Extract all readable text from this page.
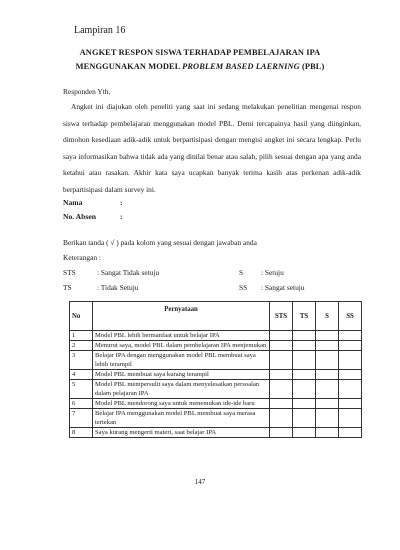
Lampiran 16
ANGKET RESPON SISWA TERHADAP PEMBELAJARAN IPA
MENGGUNAKAN MODEL PROBLEM BASED LAERNING (PBL)
Responden Yth,
Angket ini diajukan oleh peneliti yang saat ini sedang melakukan penelitian mengenai respon siswa terhadap pembelajaran menggunakan model PBL. Demi tercapainya hasil yang diinginkan, dimohon kesediaan adik-adik untuk berpartisipasi dengan mengisi angket ini secara lengkap. Perlu saya informasikan bahwa tidak ada yang dinilai benar atau salah, pilih sesuai dengan apa yang anda ketahui atau rasakan. Akhir kata saya ucapkan banyak terima kasih atas perkenan adik-adik berpartisipasi dalam survey ini.
Nama	:
No. Absen	:
Berikan tanda ( √ ) pada kolom yang sesuai dengan jawaban anda
Keterangan :
STS	: Sangat Tidak setuju	S : Setuju
TS	: Tidak Setuju	SS : Sangat setuju
No	Pernyataan	STS	TS	S	SS
1	Model PBL lebih bermanfaat untuk belajar IPA				
2	Menurut saya, model PBL dalam pembelajaran IPA menjemukan				
3	Belajar IPA dengan menggunakan model PBL membuat saya lebih terampil				
4	Model PBL membuat saya kurang terampil				
5	Model PBL mempersulit saya dalam menyelesaikan persoalan dalam pelajaran IPA				
6	Model PBL mendorong saya untuk menemukan ide-ide baru				
7	Belajar IPA menggunakan model PBL membuat saya merasa tertekan				
8	Saya kurang mengerti materi, saat belajar IPA				
147
